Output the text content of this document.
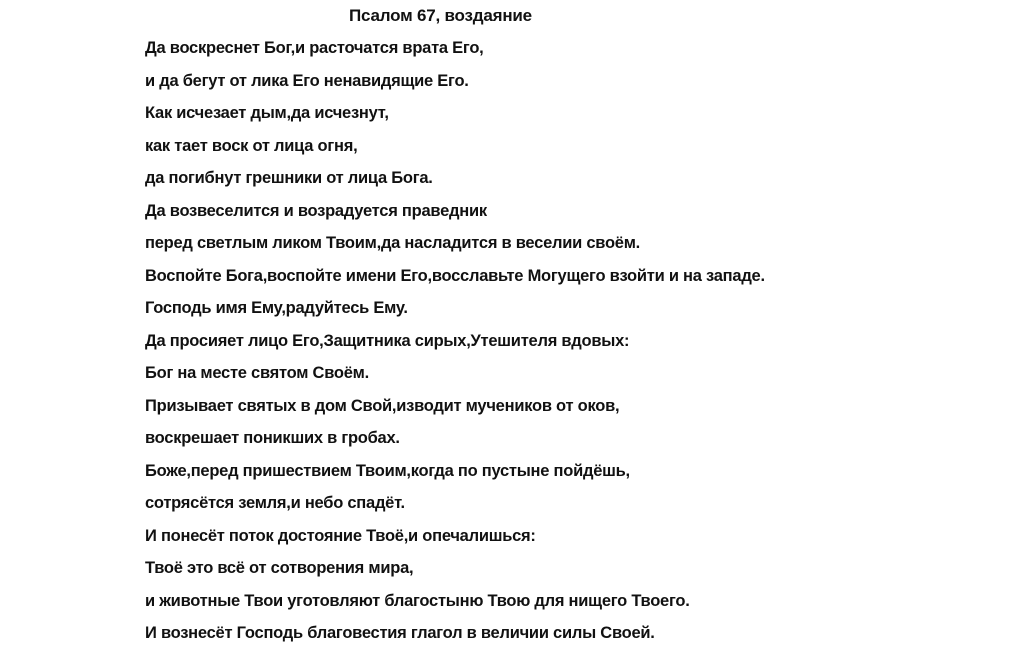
Псалом 67, воздаяние
Да воскреснет Бог,и расточатся врата Его,
и да бегут от лика Его ненавидящие Его.
Как исчезает дым,да исчезнут,
как тает воск от лица огня,
да погибнут грешники от лица Бога.
Да возвеселится и возрадуется праведник
перед светлым ликом Твоим,да насладится в веселии своём.
Воспойте Бога,воспойте имени Его,восславьте Могущего взойти и на западе.
Господь имя Ему,радуйтесь Ему.
Да просияет лицо Его,Защитника сирых,Утешителя вдовых:
Бог на месте святом Своём.
Призывает святых в дом Свой,изводит мучеников от оков,
воскрешает поникших в гробах.
Боже,перед пришествием Твоим,когда по пустыне пойдёшь,
сотрясётся земля,и небо спадёт.
И понесёт поток достояние Твоё,и опечалишься:
Твоё это всё от сотворения мира,
и животные Твои уготовляют благостыню Твою для нищего Твоего.
И вознесёт Господь благовестия глагол в величии силы Своей.
